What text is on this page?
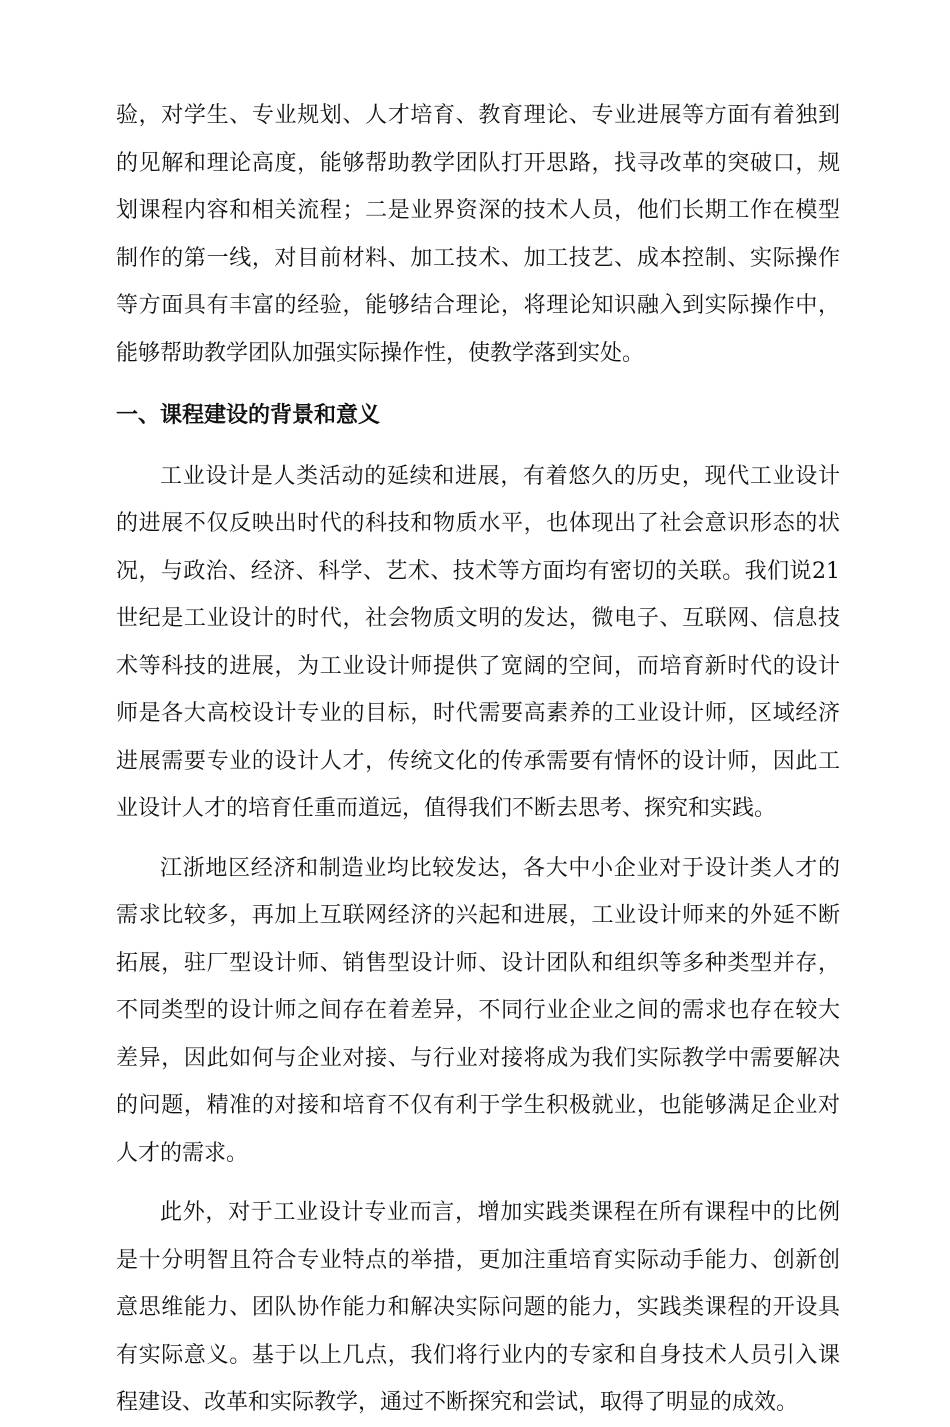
验，对学生、专业规划、人才培育、教育理论、专业进展等方面有着独到的见解和理论高度，能够帮助教学团队打开思路，找寻改革的突破口，规划课程内容和相关流程；二是业界资深的技术人员，他们长期工作在模型制作的第一线，对目前材料、加工技术、加工技艺、成本控制、实际操作等方面具有丰富的经验，能够结合理论，将理论知识融入到实际操作中，能够帮助教学团队加强实际操作性，使教学落到实处。

一、课程建设的背景和意义

工业设计是人类活动的延续和进展，有着悠久的历史，现代工业设计的进展不仅反映出时代的科技和物质水平，也体现出了社会意识形态的状况，与政治、经济、科学、艺术、技术等方面均有密切的关联。我们说21世纪是工业设计的时代，社会物质文明的发达，微电子、互联网、信息技术等科技的进展，为工业设计师提供了宽阔的空间，而培育新时代的设计师是各大高校设计专业的目标，时代需要高素养的工业设计师，区域经济进展需要专业的设计人才，传统文化的传承需要有情怀的设计师，因此工业设计人才的培育任重而道远，值得我们不断去思考、探究和实践。

江浙地区经济和制造业均比较发达，各大中小企业对于设计类人才的需求比较多，再加上互联网经济的兴起和进展，工业设计师来的外延不断拓展，驻厂型设计师、销售型设计师、设计团队和组织等多种类型并存，不同类型的设计师之间存在着差异，不同行业企业之间的需求也存在较大差异，因此如何与企业对接、与行业对接将成为我们实际教学中需要解决的问题，精准的对接和培育不仅有利于学生积极就业，也能够满足企业对人才的需求。

此外，对于工业设计专业而言，增加实践类课程在所有课程中的比例是十分明智且符合专业特点的举措，更加注重培育实际动手能力、创新创意思维能力、团队协作能力和解决实际问题的能力，实践类课程的开设具有实际意义。基于以上几点，我们将行业内的专家和自身技术人员引入课程建设、改革和实际教学，通过不断探究和尝试，取得了明显的成效。
